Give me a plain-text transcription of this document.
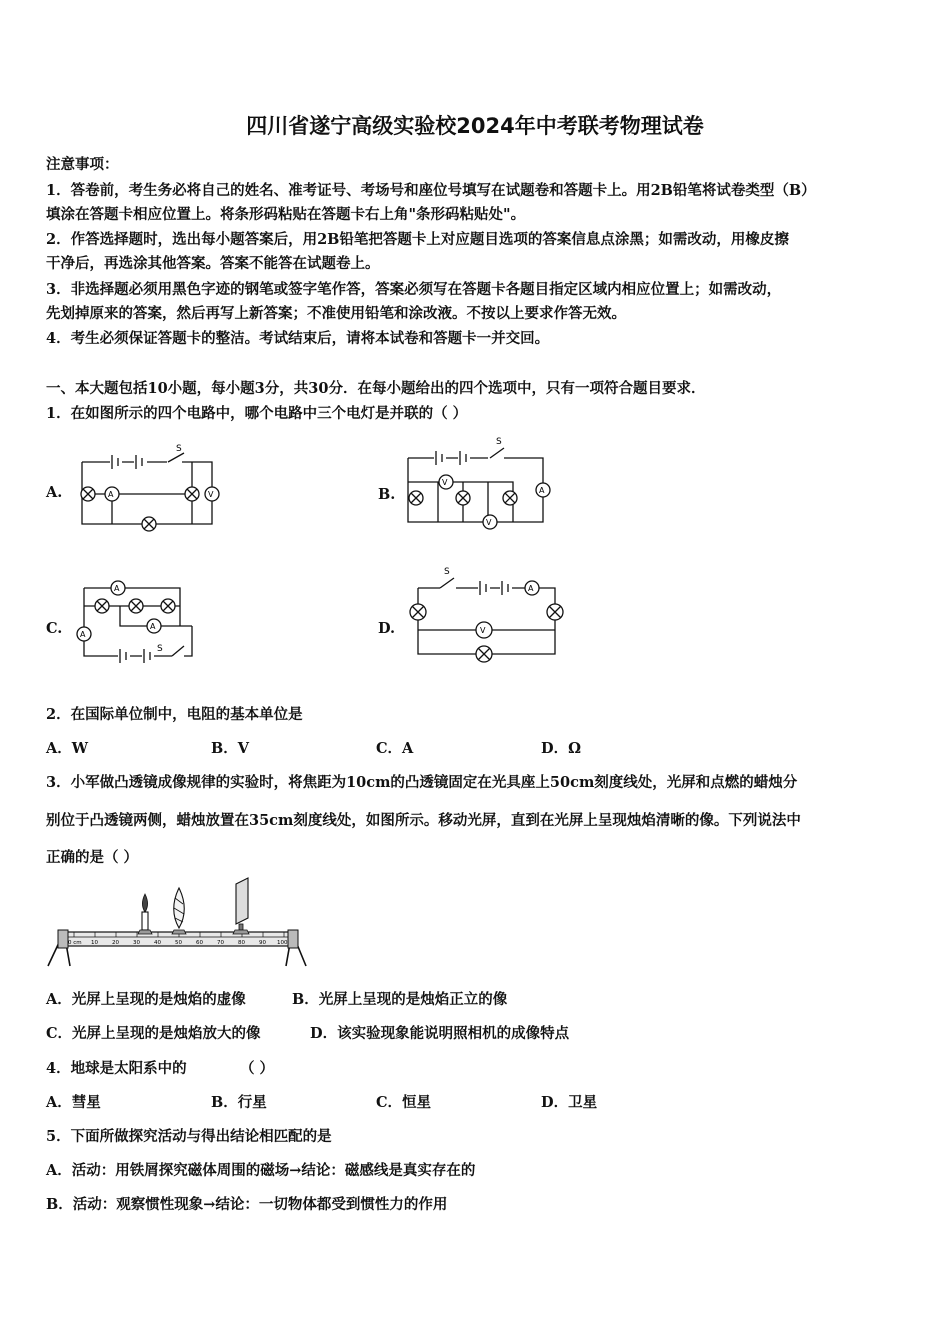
四川省遂宁高级实验校2024年中考联考物理试卷
注意事项：
1．答卷前，考生务必将自己的姓名、准考证号、考场号和座位号填写在试题卷和答题卡上。用2B铅笔将试卷类型（B）
填涂在答题卡相应位置上。将条形码粘贴在答题卡右上角"条形码粘贴处"。
2．作答选择题时，选出每小题答案后，用2B铅笔把答题卡上对应题目选项的答案信息点涂黑；如需改动，用橡皮擦
干净后，再选涂其他答案。答案不能答在试题卷上。
3．非选择题必须用黑色字迹的钢笔或签字笔作答，答案必须写在答题卡各题目指定区域内相应位置上；如需改动，
先划掉原来的答案，然后再写上新答案；不准使用铅笔和涂改液。不按以上要求作答无效。
4．考生必须保证答题卡的整洁。考试结束后，请将本试卷和答题卡一并交回。
一、本大题包括10小题，每小题3分，共30分．在每小题给出的四个选项中，只有一项符合题目要求．
1．在如图所示的四个电路中，哪个电路中三个电灯是并联的（ ）
A.	B.
C.	D.
S
A	V
S
V
V
A
A
A
A
S
S
A
V
2．在国际单位制中，电阻的基本单位是
A．W	B．V	C．A	D．Ω
3．小军做凸透镜成像规律的实验时，将焦距为10cm的凸透镜固定在光具座上50cm刻度线处，光屏和点燃的蜡烛分
别位于凸透镜两侧，蜡烛放置在35cm刻度线处，如图所示。移动光屏，直到在光屏上呈现烛焰清晰的像。下列说法中
正确的是（ ）
0 cm 10	20	30	40	50	60	70	80	90 100
A．光屏上呈现的是烛焰的虚像	B．光屏上呈现的是烛焰正立的像
C．光屏上呈现的是烛焰放大的像	D．该实验现象能说明照相机的成像特点
4．地球是太阳系中的	（ ）
A．彗星	B．行星	C．恒星	D．卫星
5．下面所做探究活动与得出结论相匹配的是
A．活动：用铁屑探究磁体周围的磁场→结论：磁感线是真实存在的
B．活动：观察惯性现象→结论：一切物体都受到惯性力的作用
